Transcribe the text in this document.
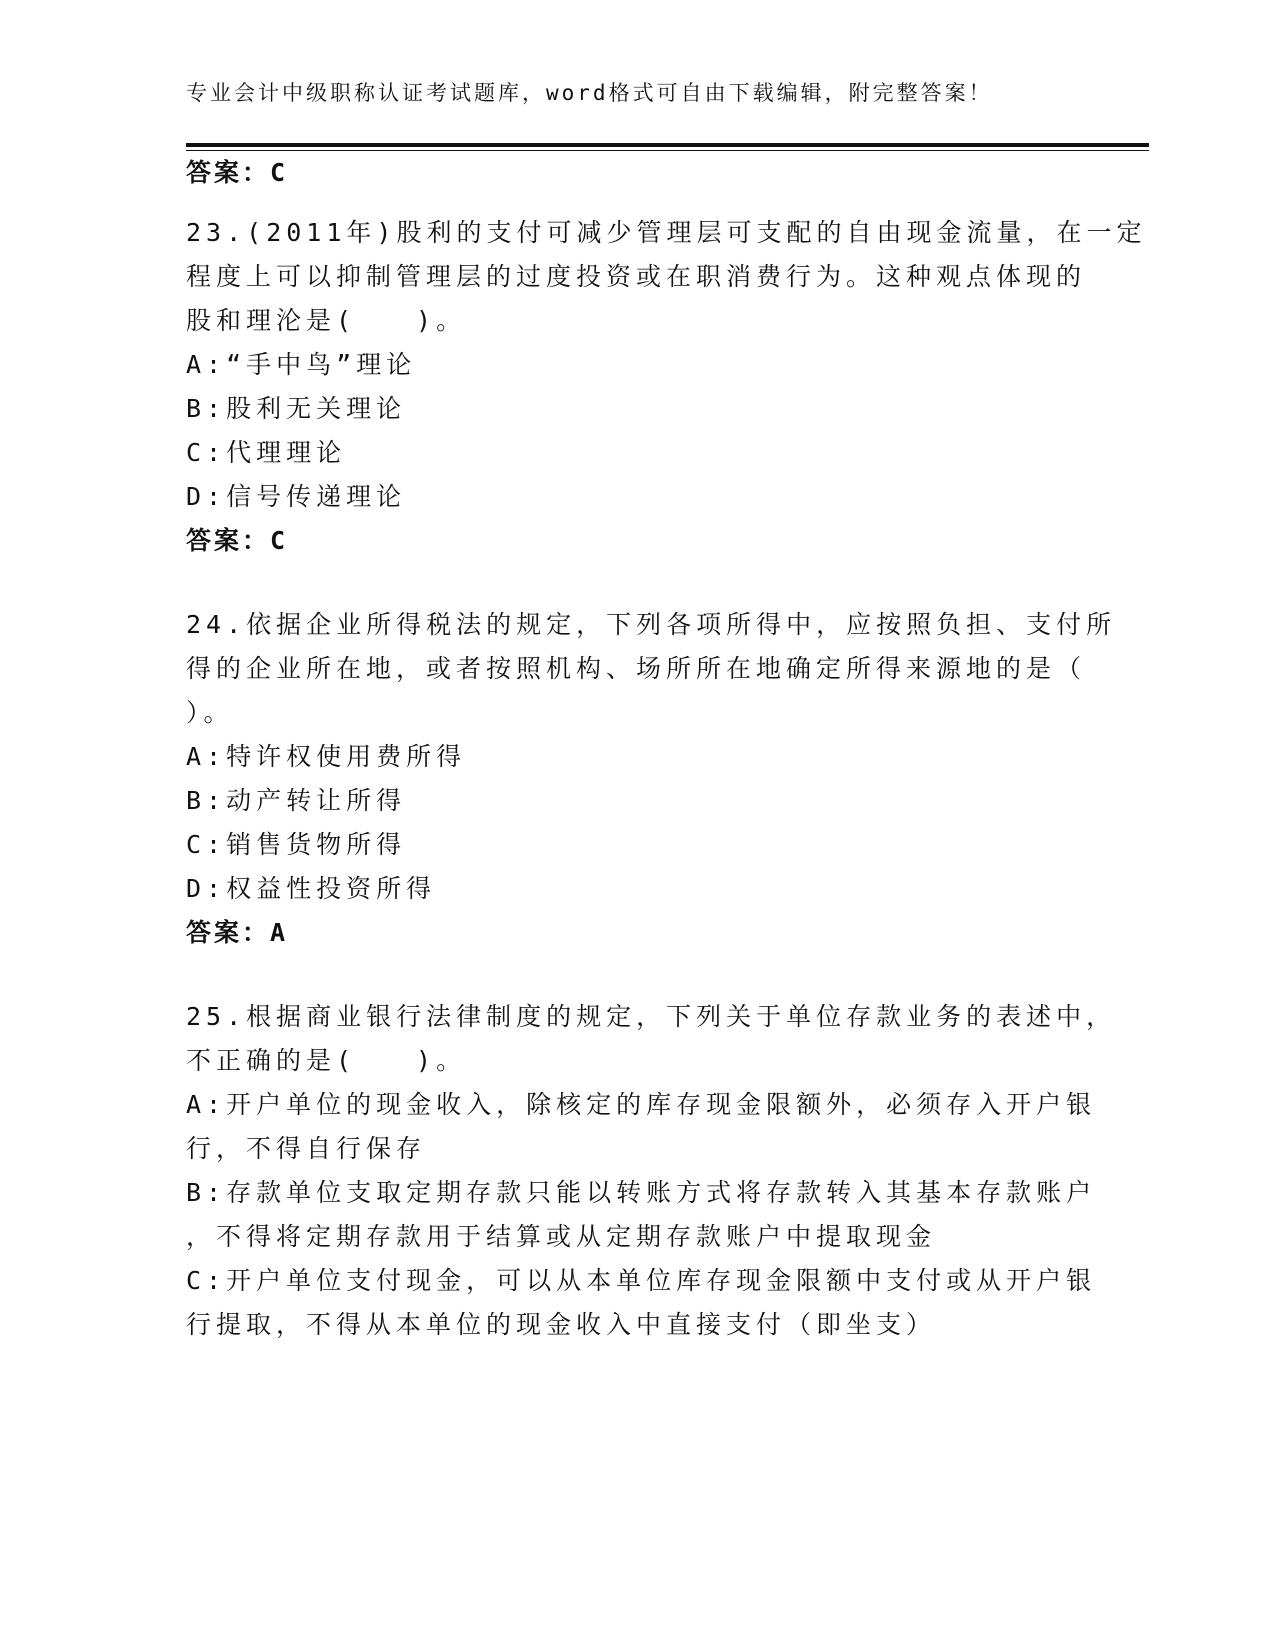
专业会计中级职称认证考试题库，word格式可自由下载编辑，附完整答案！
答案：C
23.(2011年)股利的支付可减少管理层可支配的自由现金流量，在一定
程度上可以抑制管理层的过度投资或在职消费行为。这种观点体现的
股和理沦是(　　)。
A:“手中鸟”理论
B:股利无关理论
C:代理理论
D:信号传递理论
答案：C
24.依据企业所得税法的规定，下列各项所得中，应按照负担、支付所
得的企业所在地，或者按照机构、场所所在地确定所得来源地的是（
）。
A:特许权使用费所得
B:动产转让所得
C:销售货物所得
D:权益性投资所得
答案：A
25.根据商业银行法律制度的规定，下列关于单位存款业务的表述中，
不正确的是(　　)。
A:开户单位的现金收入，除核定的库存现金限额外，必须存入开户银
行，不得自行保存
B:存款单位支取定期存款只能以转账方式将存款转入其基本存款账户
，不得将定期存款用于结算或从定期存款账户中提取现金
C:开户单位支付现金，可以从本单位库存现金限额中支付或从开户银
行提取，不得从本单位的现金收入中直接支付（即坐支）
